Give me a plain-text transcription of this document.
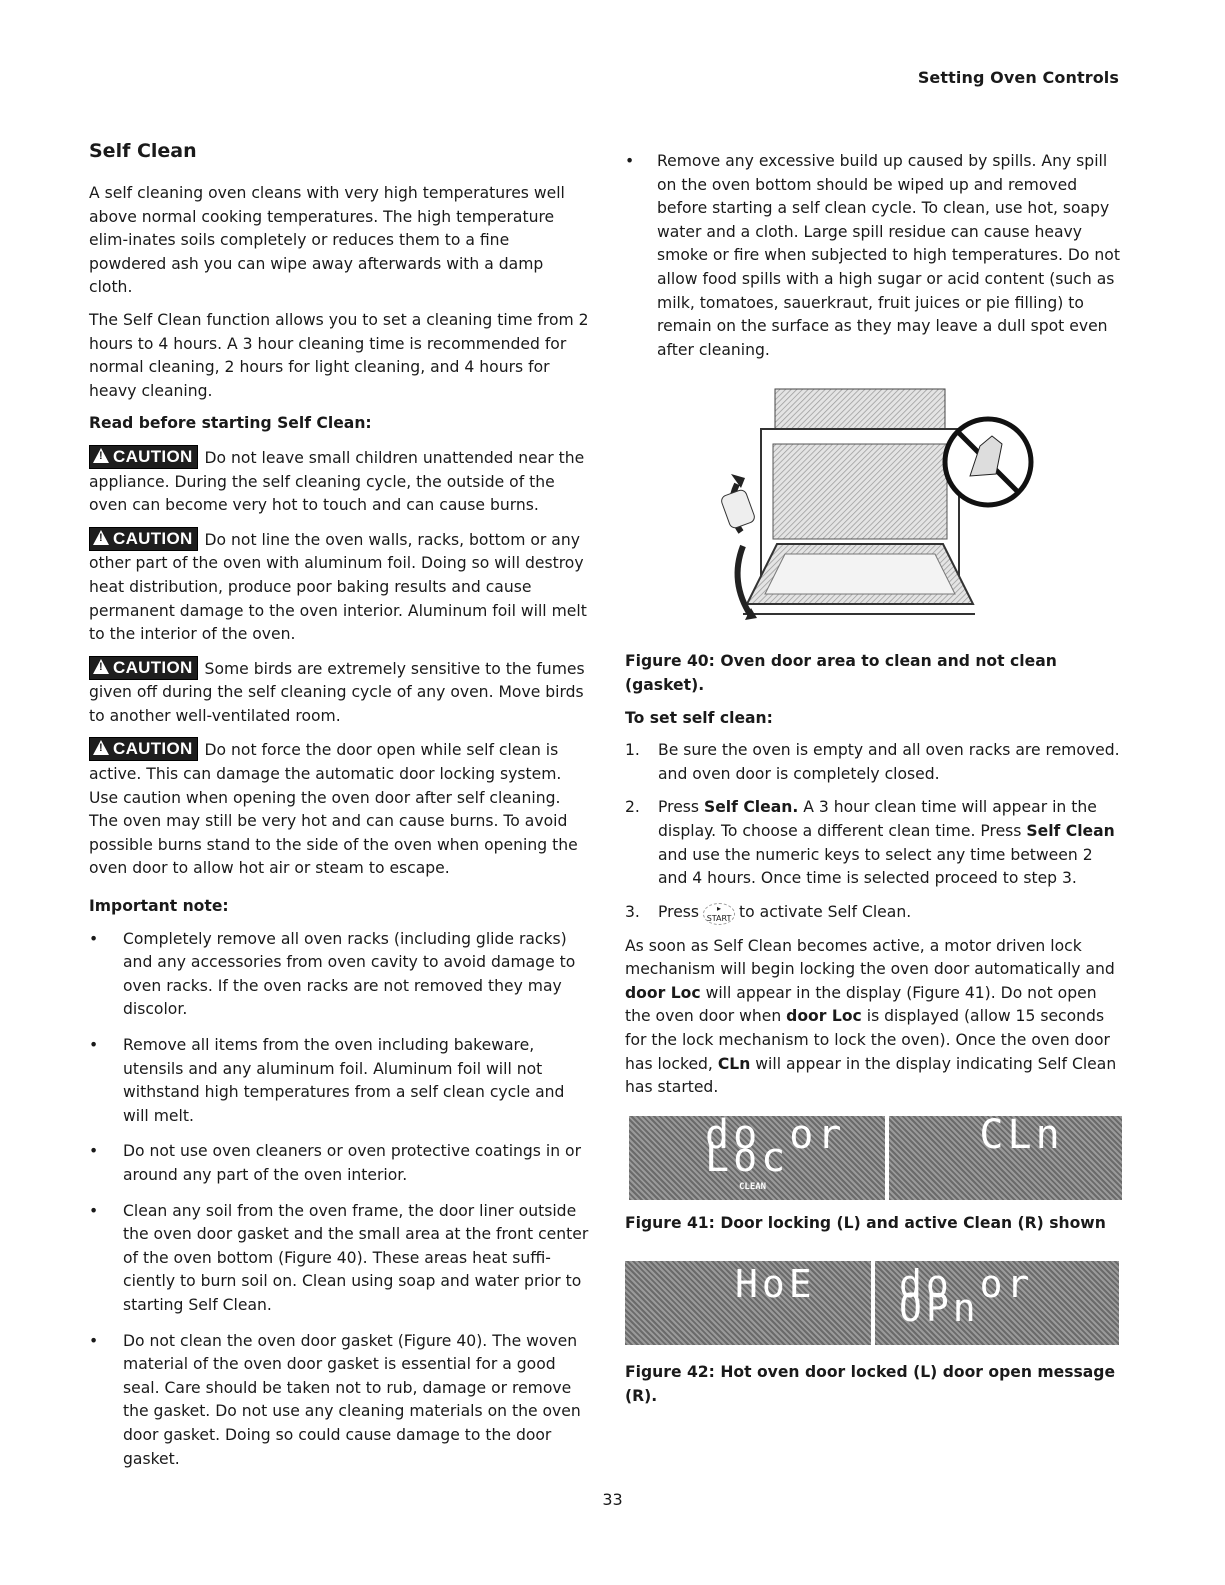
Setting Oven Controls
Self Clean

A self cleaning oven cleans with very high temperatures well above normal cooking temperatures. The high temperature elim-inates soils completely or reduces them to a fine powdered ash you can wipe away afterwards with a damp cloth.

The Self Clean function allows you to set a cleaning time from 2 hours to 4 hours. A 3 hour cleaning time is recommended for normal cleaning, 2 hours for light cleaning, and 4 hours for heavy cleaning.

Read before starting Self Clean:

! CAUTION Do not leave small children unattended near the appliance. During the self cleaning cycle, the outside of the oven can become very hot to touch and can cause burns.

! CAUTION Do not line the oven walls, racks, bottom or any other part of the oven with aluminum foil. Doing so will destroy heat distribution, produce poor baking results and cause permanent damage to the oven interior. Aluminum foil will melt to the interior of the oven.

! CAUTION Some birds are extremely sensitive to the fumes given off during the self cleaning cycle of any oven. Move birds to another well-ventilated room.

! CAUTION Do not force the door open while self clean is active. This can damage the automatic door locking system. Use caution when opening the oven door after self cleaning. The oven may still be very hot and can cause burns. To avoid possible burns stand to the side of the oven when opening the oven door to allow hot air or steam to escape.

Important note:
• Completely remove all oven racks (including glide racks) and any accessories from oven cavity to avoid damage to oven racks. If the oven racks are not removed they may discolor.
• Remove all items from the oven including bakeware, utensils and any aluminum foil. Aluminum foil will not withstand high temperatures from a self clean cycle and will melt.
• Do not use oven cleaners or oven protective coatings in or around any part of the oven interior.
• Clean any soil from the oven frame, the door liner outside the oven door gasket and the small area at the front center of the oven bottom (Figure 40). These areas heat suffi-ciently to burn soil on. Clean using soap and water prior to starting Self Clean.
• Do not clean the oven door gasket (Figure 40). The woven material of the oven door gasket is essential for a good seal. Care should be taken not to rub, damage or remove the gasket. Do not use any cleaning materials on the oven door gasket. Doing so could cause damage to the door gasket.
• Remove any excessive build up caused by spills. Any spill on the oven bottom should be wiped up and removed before starting a self clean cycle. To clean, use hot, soapy water and a cloth. Large spill residue can cause heavy smoke or fire when subjected to high temperatures. Do not allow food spills with a high sugar or acid content (such as milk, tomatoes, sauerkraut, fruit juices or pie filling) to remain on the surface as they may leave a dull spot even after cleaning.

Figure 40: Oven door area to clean and not clean (gasket).

To set self clean:
1. Be sure the oven is empty and all oven racks are removed. and oven door is completely closed.
2. Press Self Clean. A 3 hour clean time will appear in the display. To choose a different clean time. Press Self Clean and use the numeric keys to select any time between 2 and 4 hours. Once time is selected proceed to step 3.
3. Press ▸
START to activate Self Clean.

As soon as Self Clean becomes active, a motor driven lock mechanism will begin locking the oven door automatically and door Loc will appear in the display (Figure 41). Do not open the oven door when door Loc is displayed (allow 15 seconds for the lock mechanism to lock the oven). Once the oven door has locked, CLn will appear in the display indicating Self Clean has started.

do or Loc
CLEAN
CLn

Figure 41: Door locking (L) and active Clean (R) shown

HoE do or OPn

Figure 42: Hot oven door locked (L) door open message (R).

33
